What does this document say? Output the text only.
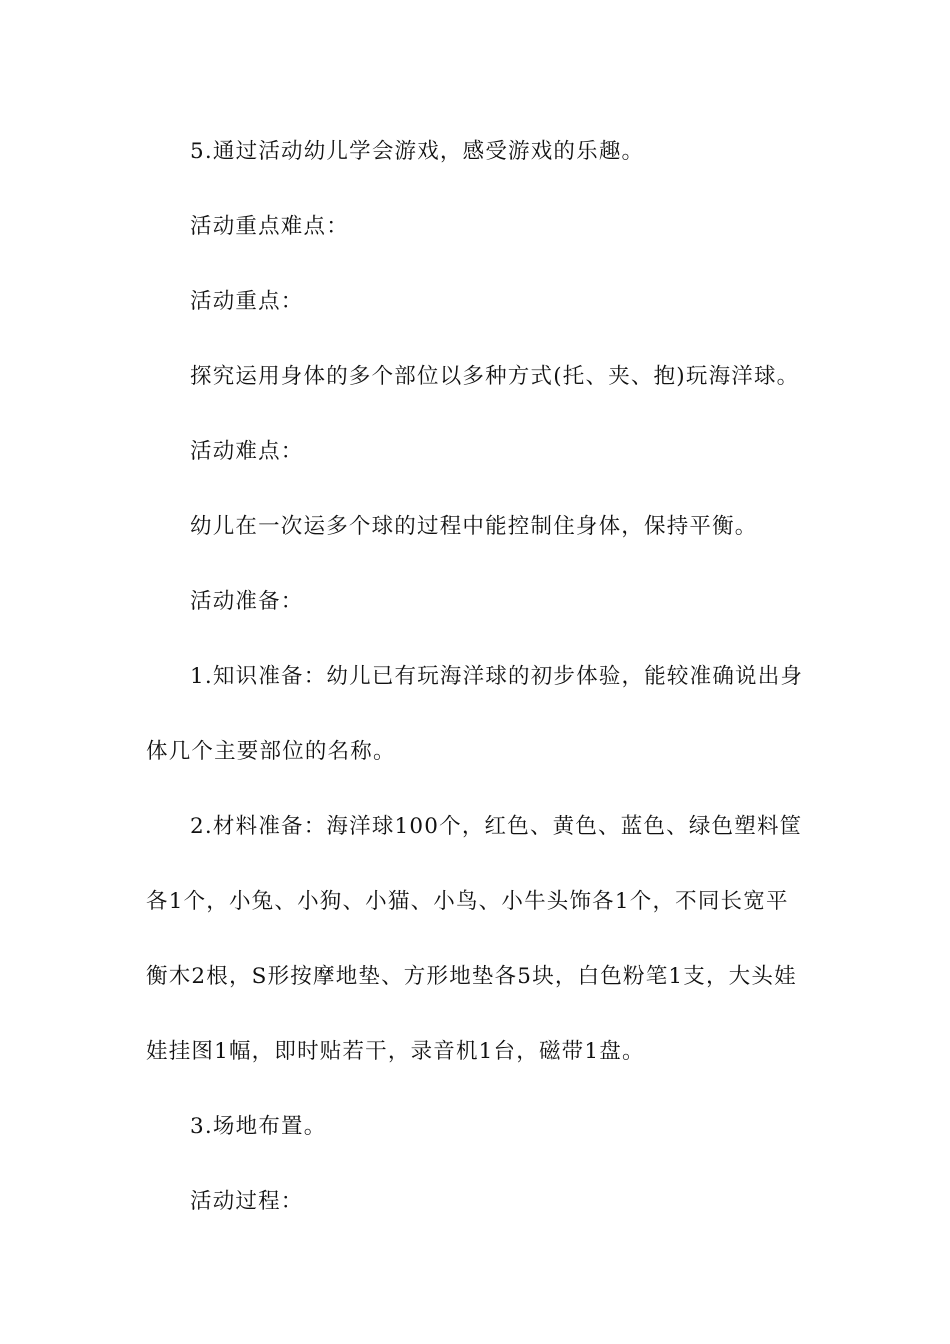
5.通过活动幼儿学会游戏，感受游戏的乐趣。
活动重点难点：
活动重点：
探究运用身体的多个部位以多种方式(托、夹、抱)玩海洋球。
活动难点：
幼儿在一次运多个球的过程中能控制住身体，保持平衡。
活动准备：
1.知识准备：幼儿已有玩海洋球的初步体验，能较准确说出身
体几个主要部位的名称。
2.材料准备：海洋球100个，红色、黄色、蓝色、绿色塑料筐
各1个，小兔、小狗、小猫、小鸟、小牛头饰各1个，不同长宽平
衡木2根，S形按摩地垫、方形地垫各5块，白色粉笔1支，大头娃
娃挂图1幅，即时贴若干，录音机1台，磁带1盘。
3.场地布置。
活动过程：
